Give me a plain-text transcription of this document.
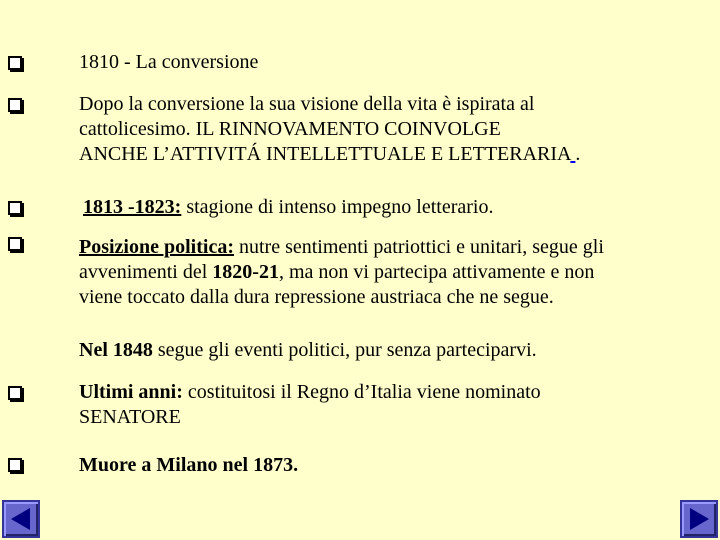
1810 - La conversione
Dopo la conversione la sua visione della vita è ispirata al
cattolicesimo. IL RINNOVAMENTO COINVOLGE
ANCHE L’ATTIVITÁ INTELLETTUALE E LETTERARIA .
1813 -1823: stagione di intenso impegno letterario.
Posizione politica: nutre sentimenti patriottici e unitari, segue gli
avvenimenti del 1820-21, ma non vi partecipa attivamente e non
viene toccato dalla dura repressione austriaca che ne segue.
Nel 1848 segue gli eventi politici, pur senza parteciparvi.
Ultimi anni: costituitosi il Regno d’Italia viene nominato
SENATORE
Muore a Milano nel 1873.
